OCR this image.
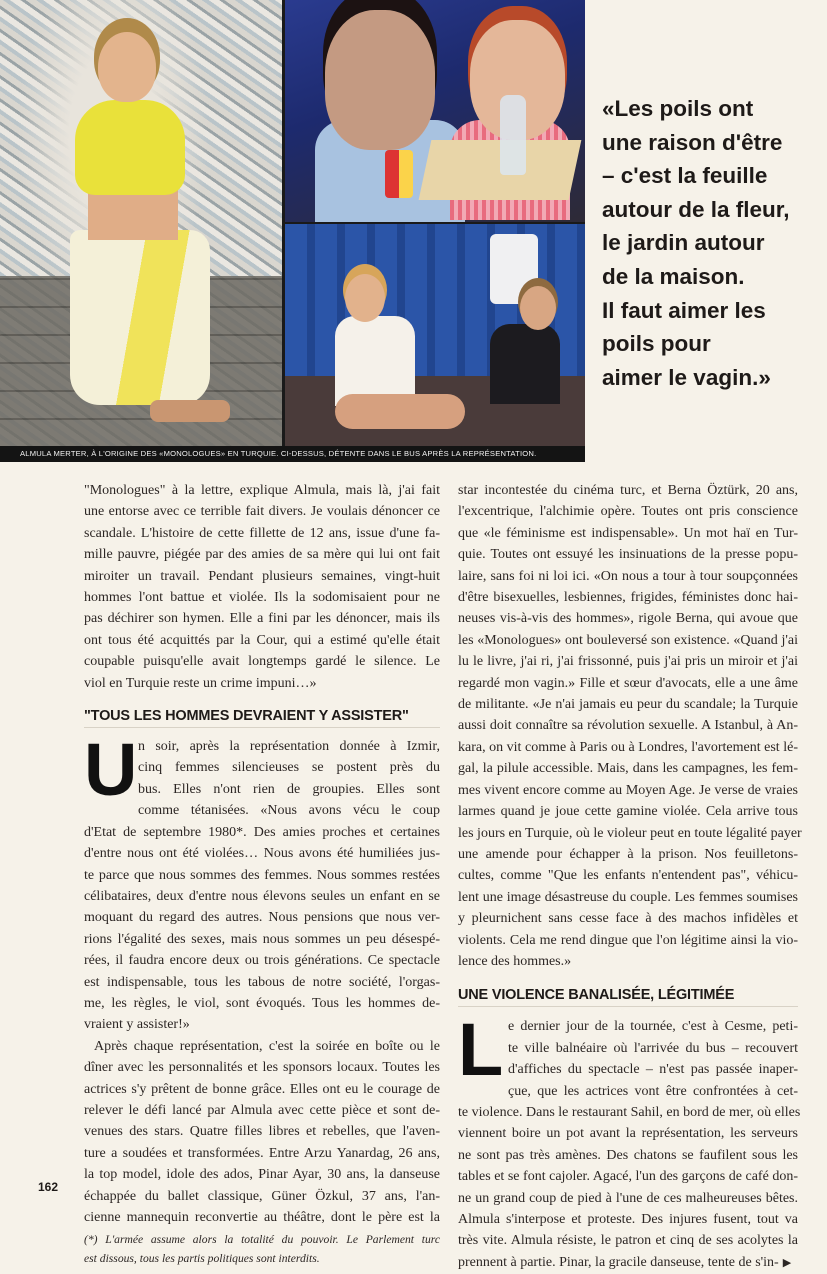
ALMULA MERTER, À L'ORIGINE DES «MONOLOGUES» EN TURQUIE. CI-DESSUS, DÉTENTE DANS LE BUS APRÈS LA REPRÉSENTATION.
«Les poils ont
une raison d'être
– c'est la feuille
autour de la fleur,
le jardin autour
de la maison.
Il faut aimer les
poils pour
aimer le vagin.»
"Monologues" à la lettre, explique Almula, mais là, j'ai fait
une entorse avec ce terrible fait divers. Je voulais dénoncer ce
scandale. L'histoire de cette fillette de 12 ans, issue d'une fa-
mille pauvre, piégée par des amies de sa mère qui lui ont fait
miroiter un travail. Pendant plusieurs semaines, vingt-huit
hommes l'ont battue et violée. Ils la sodomisaient pour ne
pas déchirer son hymen. Elle a fini par les dénoncer, mais ils
ont tous été acquittés par la Cour, qui a estimé qu'elle était
coupable puisqu'elle avait longtemps gardé le silence. Le
viol en Turquie reste un crime impuni…»
"TOUS LES HOMMES DEVRAIENT Y ASSISTER"
U n soir, après la représentation donnée à Izmir,
cinq femmes silencieuses se postent près du
bus. Elles n'ont rien de groupies. Elles sont
comme tétanisées. «Nous avons vécu le coup
d'Etat de septembre 1980*. Des amies proches et certaines
d'entre nous ont été violées… Nous avons été humiliées jus-
te parce que nous sommes des femmes. Nous sommes restées
célibataires, deux d'entre nous élevons seules un enfant en se
moquant du regard des autres. Nous pensions que nous ver-
rions l'égalité des sexes, mais nous sommes un peu désespé-
rées, il faudra encore deux ou trois générations. Ce spectacle
est indispensable, tous les tabous de notre société, l'orgas-
me, les règles, le viol, sont évoqués. Tous les hommes de-
vraient y assister!»
Après chaque représentation, c'est la soirée en boîte ou le
dîner avec les personnalités et les sponsors locaux. Toutes les
actrices s'y prêtent de bonne grâce. Elles ont eu le courage de
relever le défi lancé par Almula avec cette pièce et sont de-
venues des stars. Quatre filles libres et rebelles, que l'aven-
ture a soudées et transformées. Entre Arzu Yanardag, 26 ans,
la top model, idole des ados, Pinar Ayar, 30 ans, la danseuse
échappée du ballet classique, Güner Özkul, 37 ans, l'an-
cienne mannequin reconvertie au théâtre, dont le père est la
(*) L'armée assume alors la totalité du pouvoir. Le Parlement turc
est dissous, tous les partis politiques sont interdits.
star incontestée du cinéma turc, et Berna Öztürk, 20 ans,
l'excentrique, l'alchimie opère. Toutes ont pris conscience
que «le féminisme est indispensable». Un mot haï en Tur-
quie. Toutes ont essuyé les insinuations de la presse popu-
laire, sans foi ni loi ici. «On nous a tour à tour soupçonnées
d'être bisexuelles, lesbiennes, frigides, féministes donc hai-
neuses vis-à-vis des hommes», rigole Berna, qui avoue que
les «Monologues» ont bouleversé son existence. «Quand j'ai
lu le livre, j'ai ri, j'ai frissonné, puis j'ai pris un miroir et j'ai
regardé mon vagin.» Fille et sœur d'avocats, elle a une âme
de militante. «Je n'ai jamais eu peur du scandale; la Turquie
aussi doit connaître sa révolution sexuelle. A Istanbul, à An-
kara, on vit comme à Paris ou à Londres, l'avortement est lé-
gal, la pilule accessible. Mais, dans les campagnes, les fem-
mes vivent encore comme au Moyen Age. Je verse de vraies
larmes quand je joue cette gamine violée. Cela arrive tous
les jours en Turquie, où le violeur peut en toute légalité payer
une amende pour échapper à la prison. Nos feuilletons-
cultes, comme "Que les enfants n'entendent pas", véhicu-
lent une image désastreuse du couple. Les femmes soumises
y pleurnichent sans cesse face à des machos infidèles et
violents. Cela me rend dingue que l'on légitime ainsi la vio-
lence des hommes.»
UNE VIOLENCE BANALISÉE, LÉGITIMÉE
L e dernier jour de la tournée, c'est à Cesme, peti-
te ville balnéaire où l'arrivée du bus – recouvert
d'affiches du spectacle – n'est pas passée inaper-
çue, que les actrices vont être confrontées à cet-
te violence. Dans le restaurant Sahil, en bord de mer, où elles
viennent boire un pot avant la représentation, les serveurs
ne sont pas très amènes. Des chatons se faufilent sous les
tables et se font cajoler. Agacé, l'un des garçons de café don-
ne un grand coup de pied à l'une de ces malheureuses bêtes.
Almula s'interpose et proteste. Des injures fusent, tout va
très vite. Almula résiste, le patron et cinq de ses acolytes la
prennent à partie. Pinar, la gracile danseuse, tente de s'in- ▶
162
